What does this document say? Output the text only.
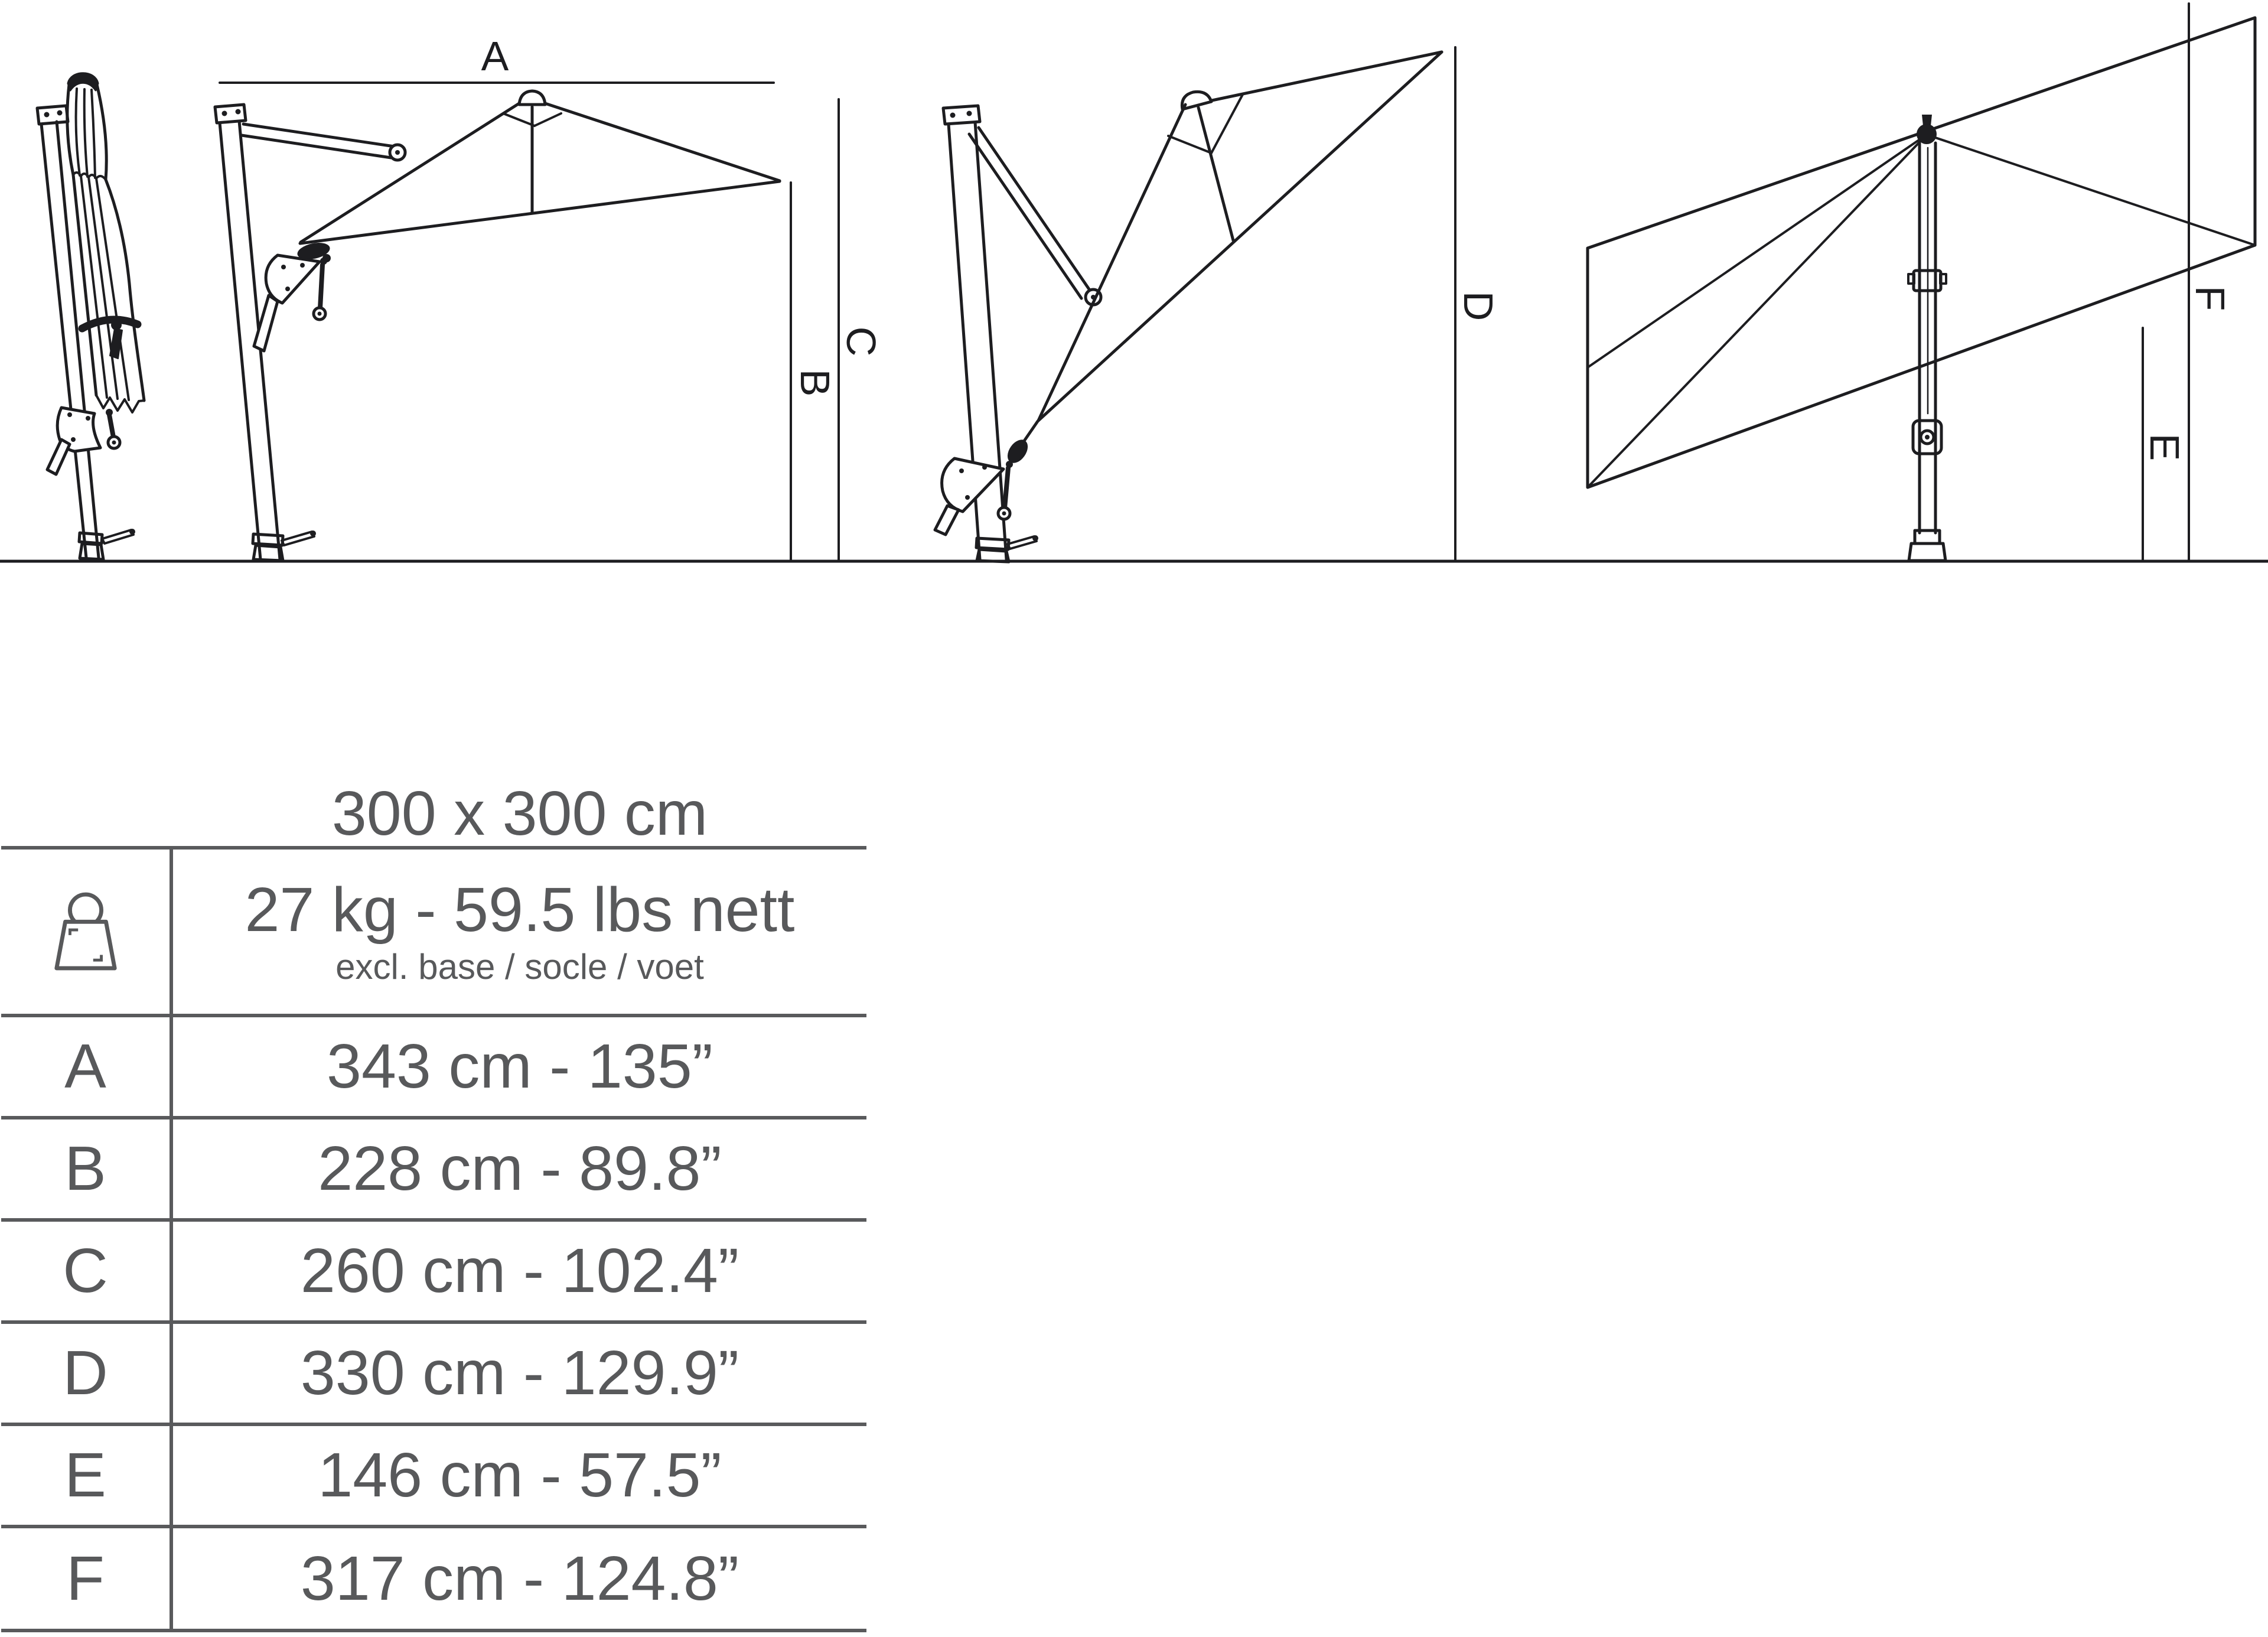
A
B
C
D
E
F
300 x 300 cm
27 kg - 59.5 lbs nett
excl. base / socle / voet
A	343 cm - 135”
B	228 cm - 89.8”
C	260 cm - 102.4”
D	330 cm - 129.9”
E	146 cm - 57.5”
F	317 cm - 124.8”
